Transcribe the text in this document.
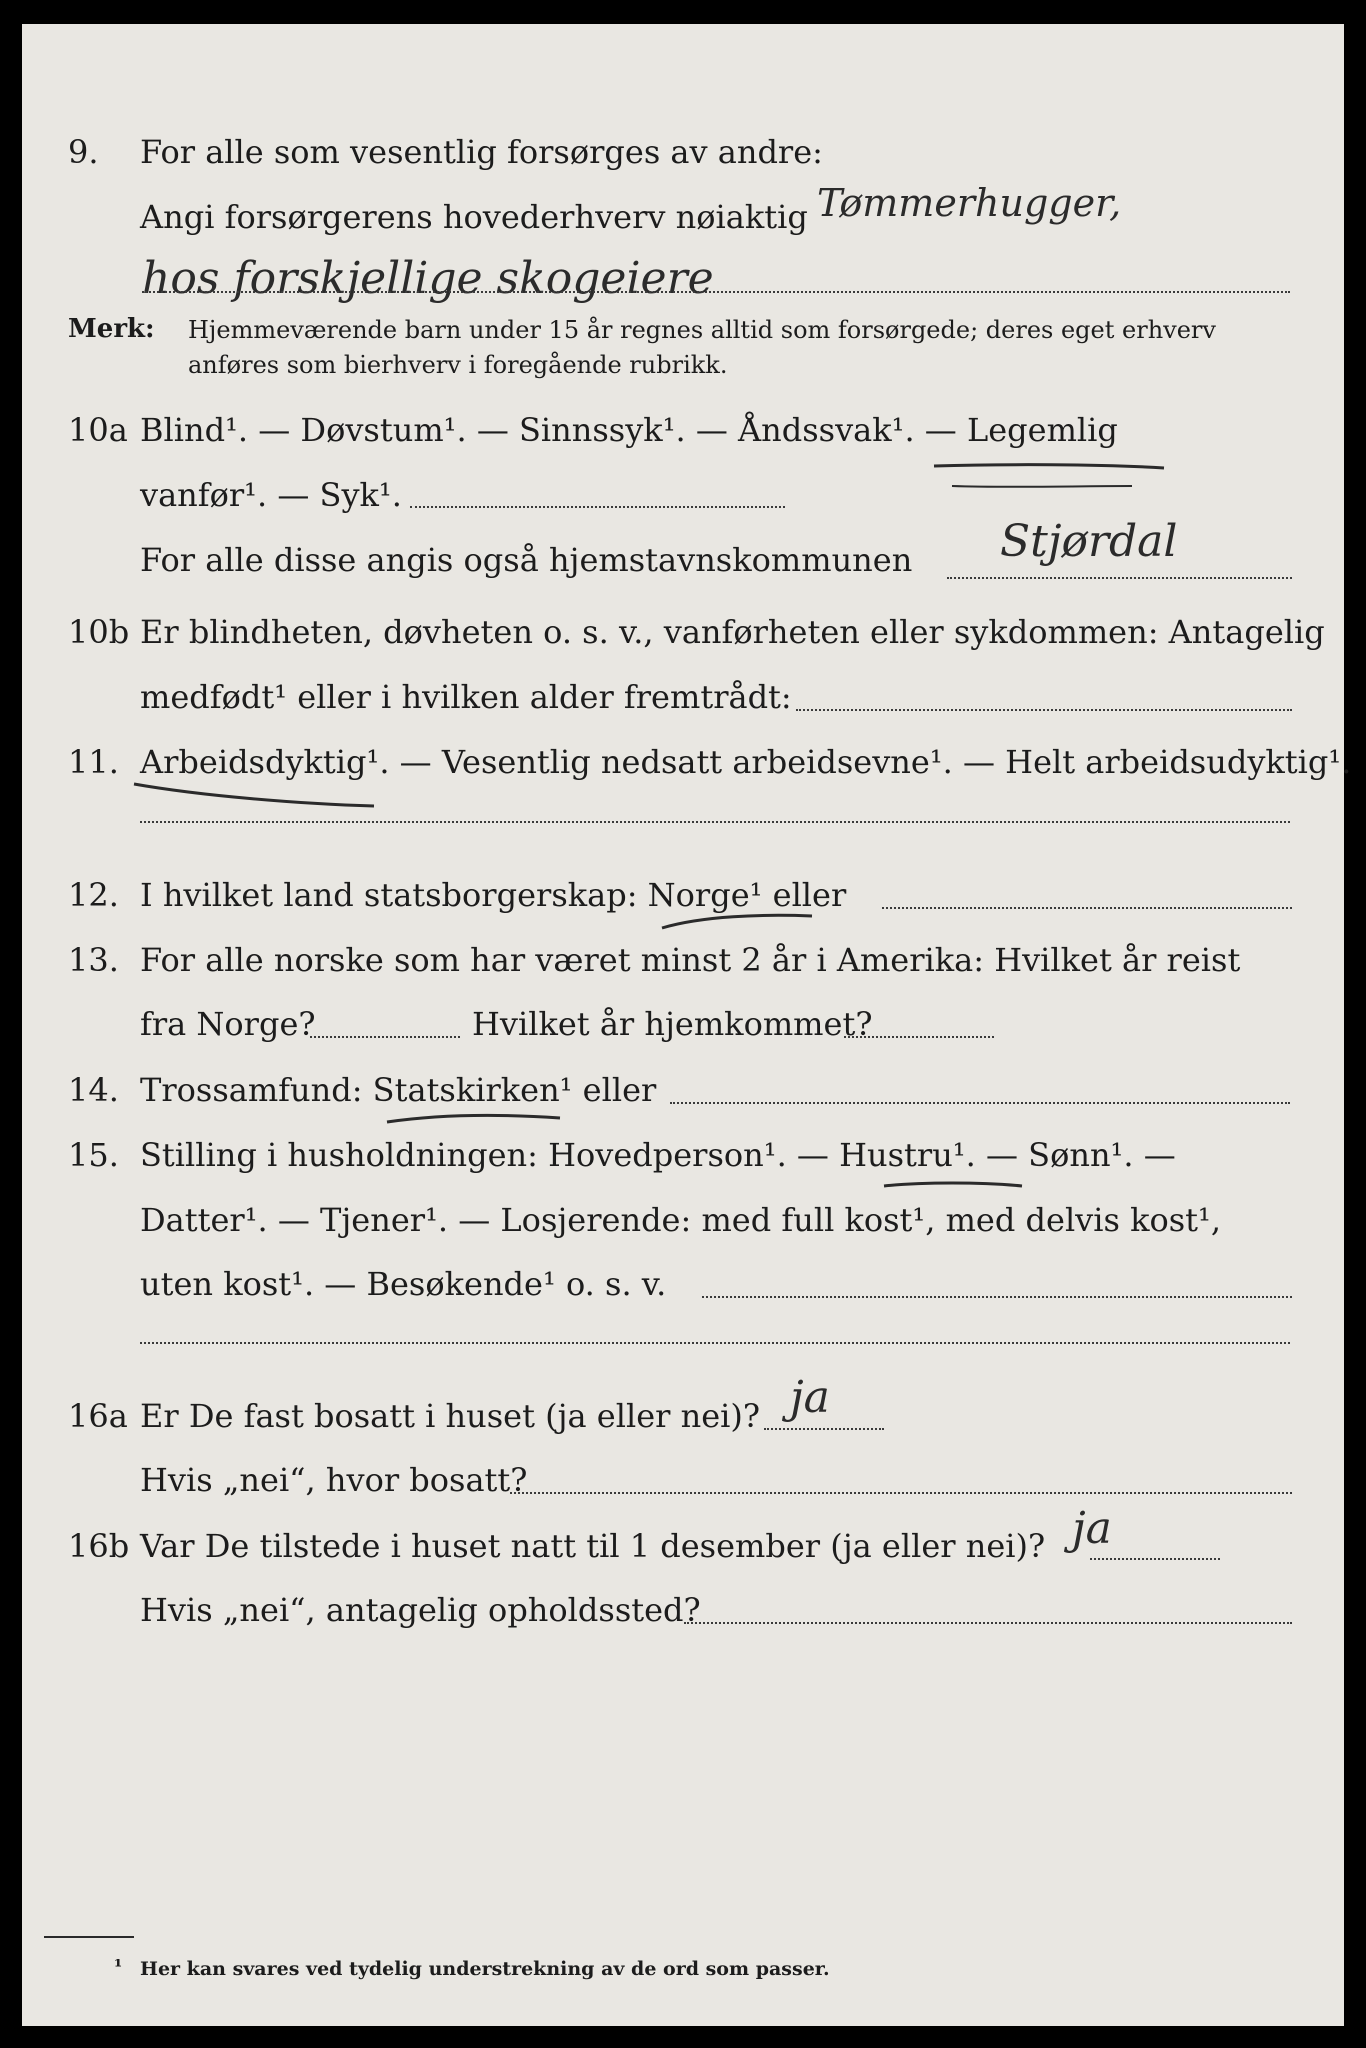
9. For alle som vesentlig forsørges av andre:
Angi forsørgerens hovederhverv nøiaktig Tømmerhugger,
hos forskjellige skogeiere
Merk: Hjemmeværende barn under 15 år regnes alltid som forsørgede; deres eget erhverv
anføres som bierhverv i foregående rubrikk.
10a Blind¹. — Døvstum¹. — Sinnssyk¹. — Åndssvak¹. — Legemlig
vanfør¹. — Syk¹.
For alle disse angis også hjemstavnskommunen Stjørdal
10b Er blindheten, døvheten o. s. v., vanførheten eller sykdommen: Antagelig
medfødt¹ eller i hvilken alder fremtrådt:
11. Arbeidsdyktig¹. — Vesentlig nedsatt arbeidsevne¹. — Helt arbeidsudyktig¹.
12. I hvilket land statsborgerskap: Norge¹ eller
13. For alle norske som har været minst 2 år i Amerika: Hvilket år reist
fra Norge?	Hvilket år hjemkommet?
14. Trossamfund: Statskirken¹ eller
15. Stilling i husholdningen: Hovedperson¹. — Hustru¹. — Sønn¹. —
Datter¹. — Tjener¹. — Losjerende: med full kost¹, med delvis kost¹,
uten kost¹. — Besøkende¹ o. s. v.
16a Er De fast bosatt i huset (ja eller nei)? ja
Hvis „nei“, hvor bosatt?
16b Var De tilstede i huset natt til 1 desember (ja eller nei)? ja
Hvis „nei“, antagelig opholdssted?
¹ Her kan svares ved tydelig understrekning av de ord som passer.
